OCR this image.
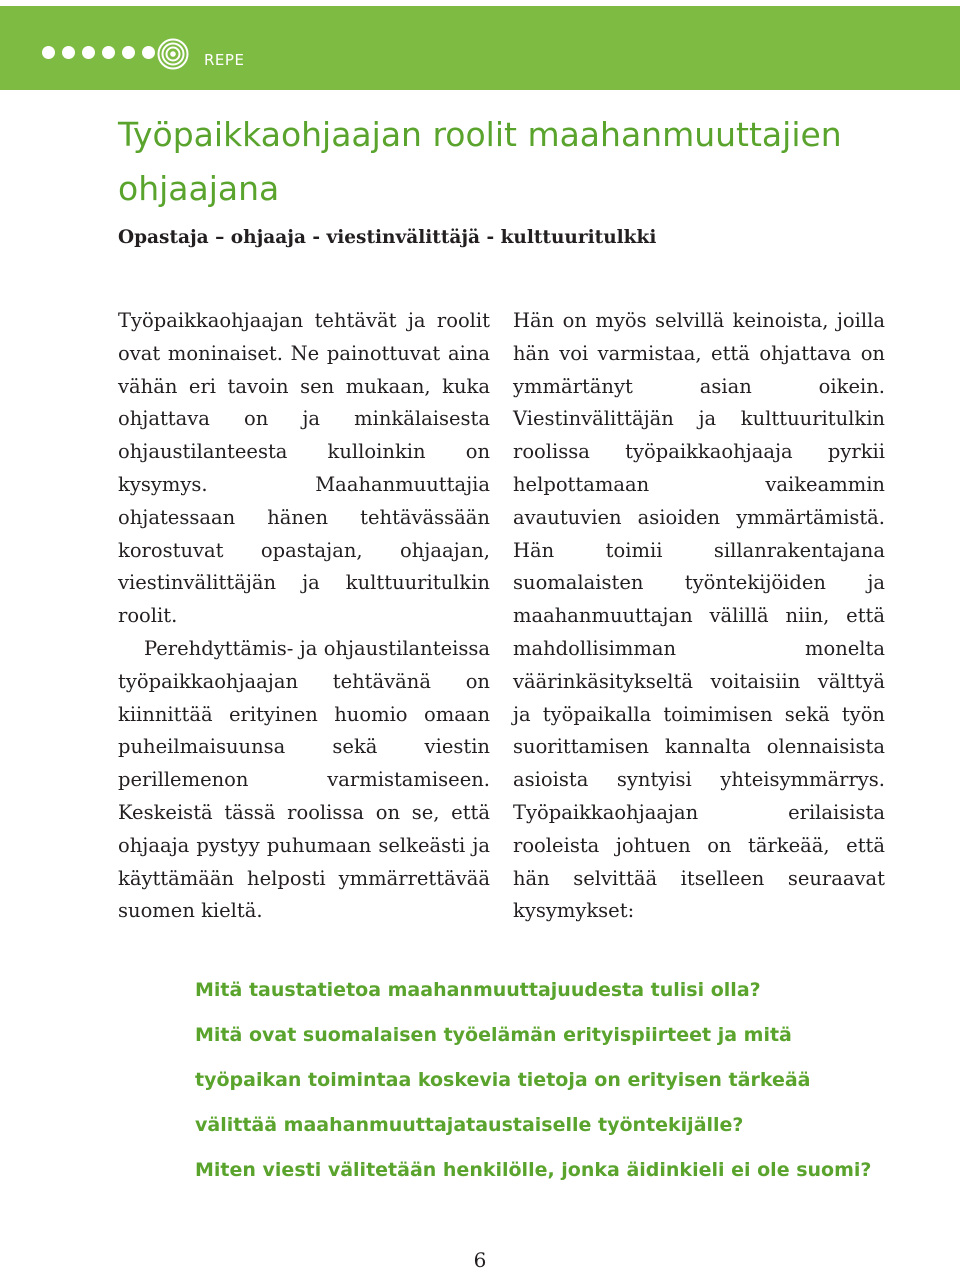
REPE
Työpaikkaohjaajan roolit maahanmuuttajien ohjaajana
Opastaja – ohjaaja - viestinvälittäjä - kulttuuritulkki

Työpaikkaohjaajan tehtävät ja roolit ovat moninaiset. Ne painottuvat aina vähän eri tavoin sen mukaan, kuka ohjattava on ja minkälaisesta ohjaustilanteesta kulloinkin on kysymys. Maahanmuuttajia ohjatessaan hänen tehtävässään korostuvat opastajan, ohjaajan, viestinvälittäjän ja kulttuuritulkin roolit.

Perehdyttämis- ja ohjaustilanteissa työpaikkaohjaajan tehtävänä on kiinnittää erityinen huomio omaan puheilmaisuunsa sekä viestin perillemenon varmistamiseen. Keskeistä tässä roolissa on se, että ohjaaja pystyy puhumaan selkeästi ja käyttämään helposti ymmärrettävää suomen kieltä.

Hän on myös selvillä keinoista, joilla hän voi varmistaa, että ohjattava on ymmärtänyt asian oikein. Viestinvälittäjän ja kulttuuritulkin roolissa työpaikkaohjaaja pyrkii helpottamaan vaikeammin avautuvien asioiden ymmärtämistä. Hän toimii sillanrakentajana suomalaisten työntekijöiden ja maahanmuuttajan välillä niin, että mahdollisimman monelta väärinkäsitykseltä voitaisiin välttyä ja työpaikalla toimimisen sekä työn suorittamisen kannalta olennaisista asioista syntyisi yhteisymmärrys. Työpaikkaohjaajan erilaisista rooleista johtuen on tärkeää, että hän selvittää itselleen seuraavat kysymykset:

Mitä taustatietoa maahanmuuttajuudesta tulisi olla?

Mitä ovat suomalaisen työelämän erityispiirteet ja mitä työpaikan toimintaa koskevia tietoja on erityisen tärkeää välittää maahanmuuttajataustaiselle työntekijälle?

Miten viesti välitetään henkilölle, jonka äidinkieli ei ole suomi?

6
